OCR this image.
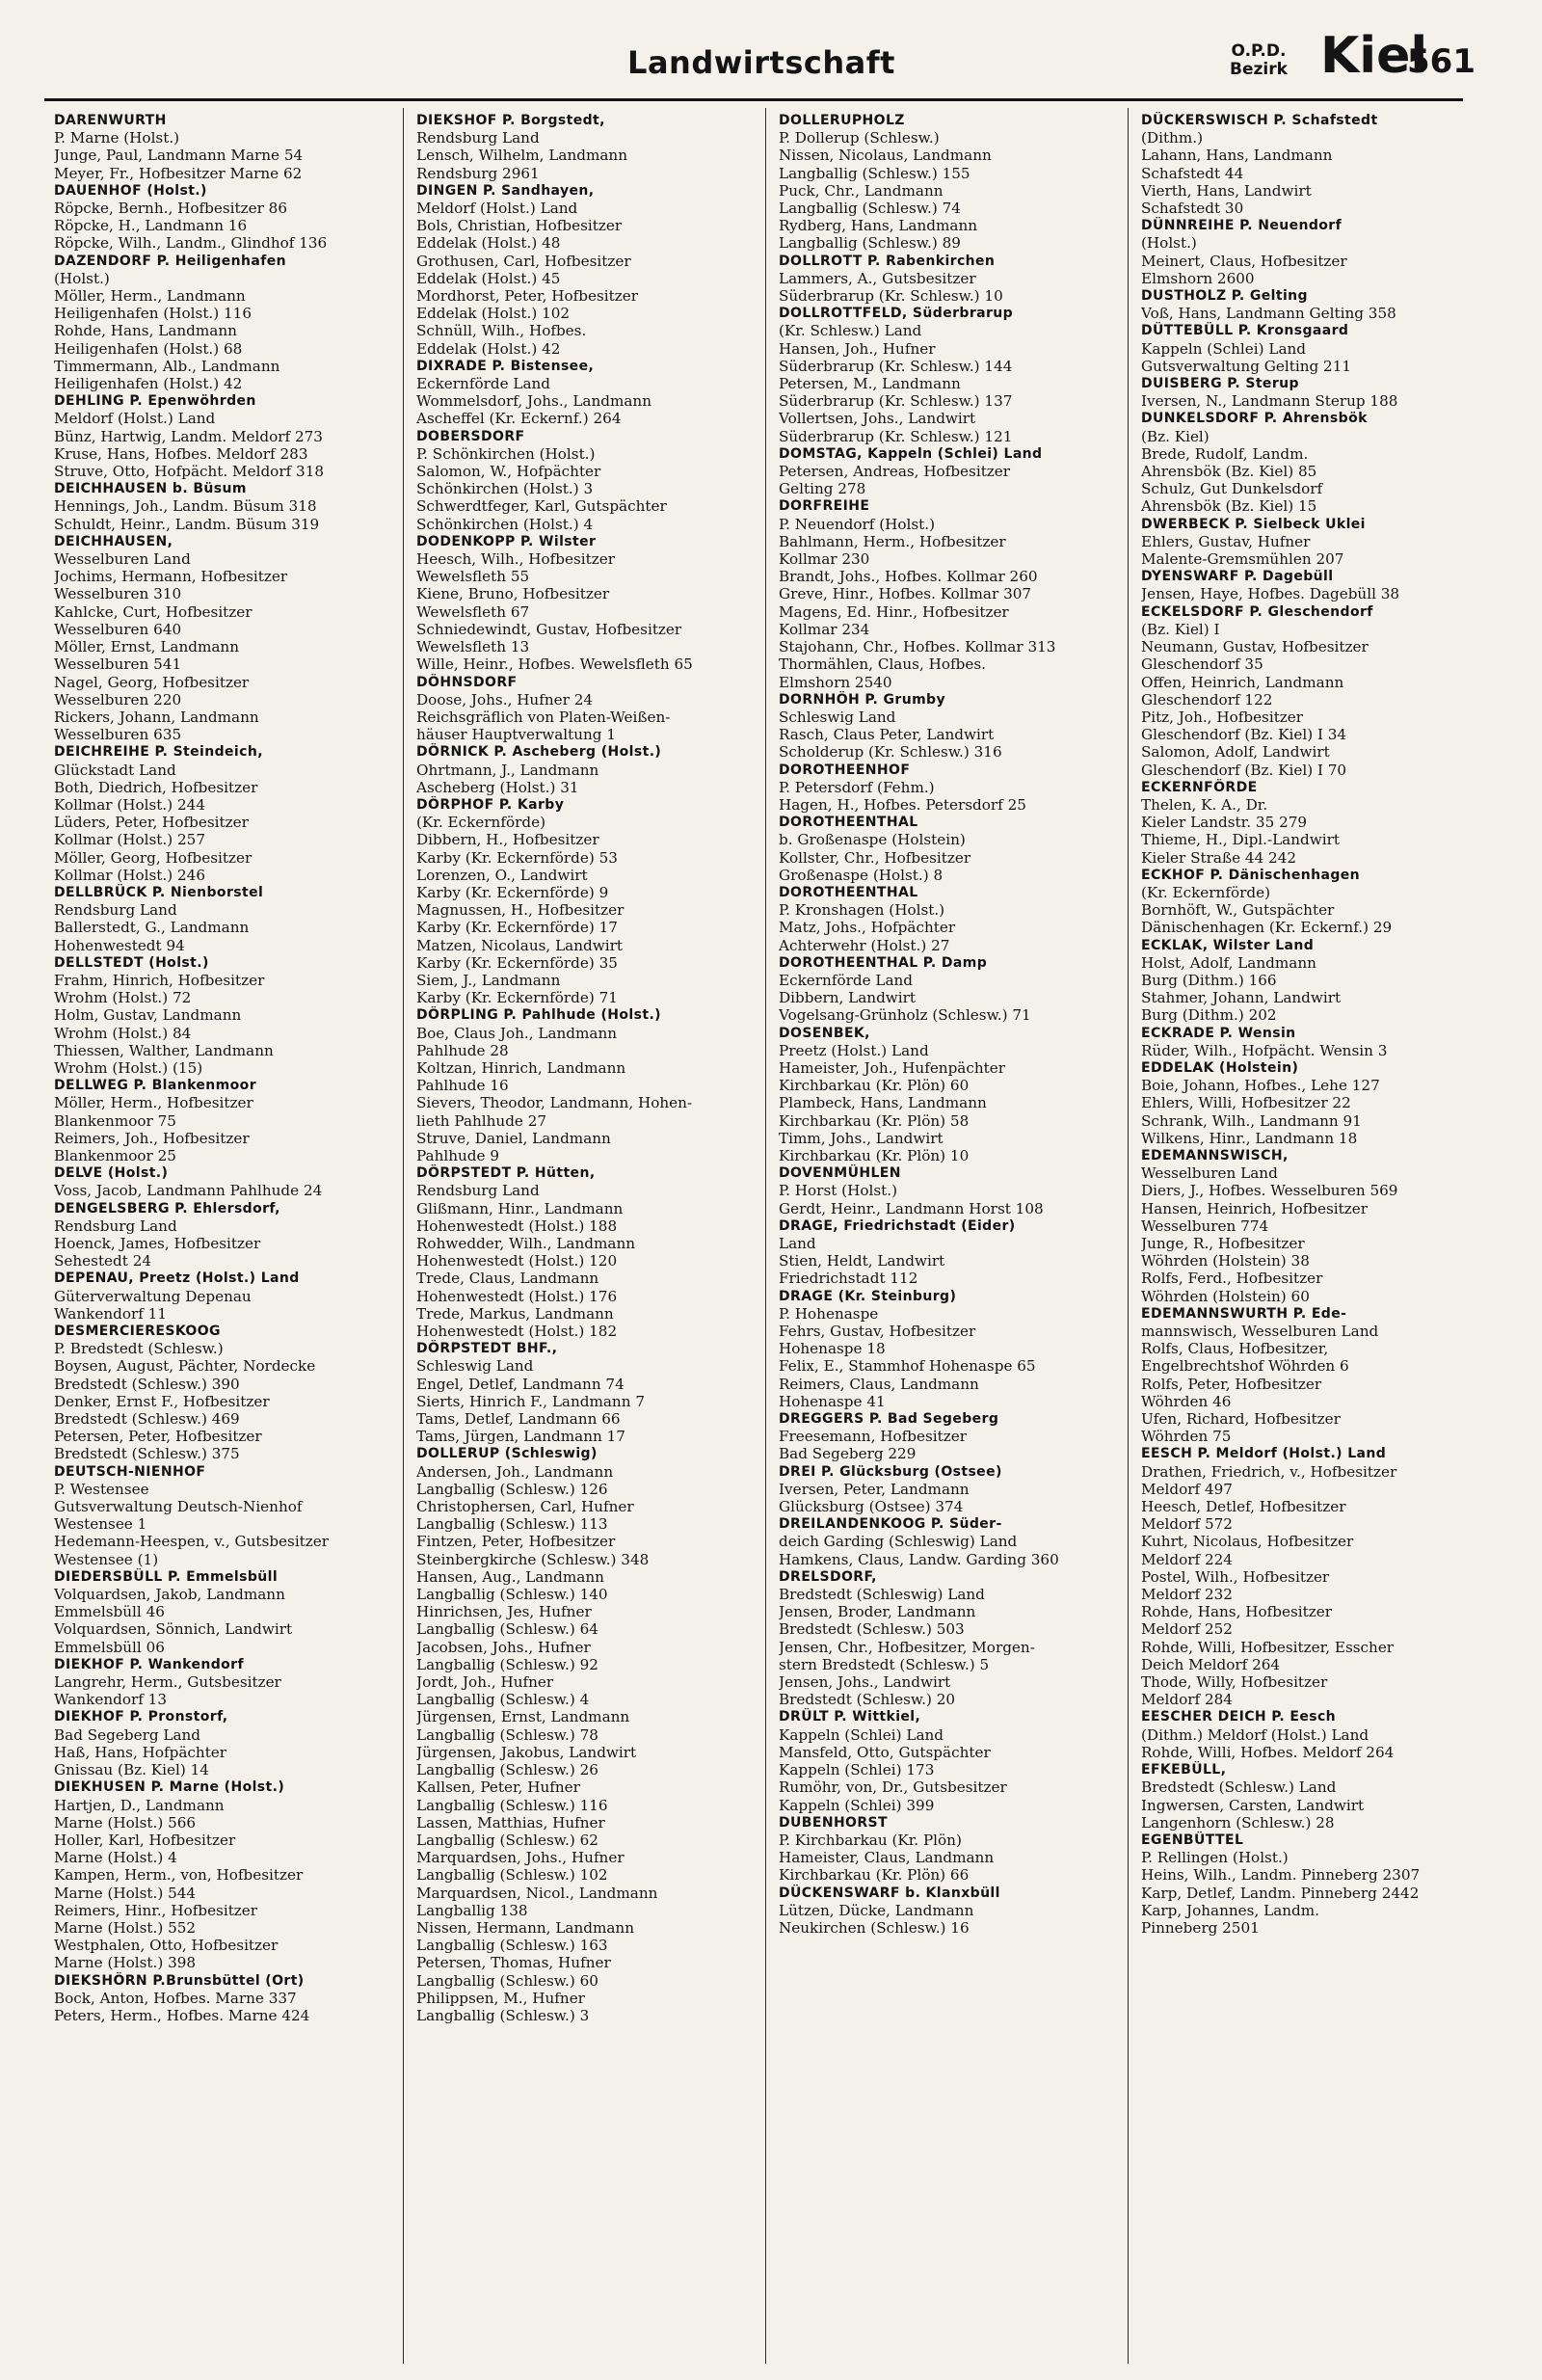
Landwirtschaft	O.P.D.
Bezirk Kiel
561
DARENWURTH
P. Marne (Holst.)
Junge, Paul, Landmann Marne 54
Meyer, Fr., Hofbesitzer Marne 62
DAUENHOF (Holst.)
Röpcke, Bernh., Hofbesitzer 86
Röpcke, H., Landmann 16
Röpcke, Wilh., Landm., Glindhof 136
DAZENDORF P. Heiligenhafen
(Holst.)
Möller, Herm., Landmann
Heiligenhafen (Holst.) 116
Rohde, Hans, Landmann
Heiligenhafen (Holst.) 68
Timmermann, Alb., Landmann
Heiligenhafen (Holst.) 42
DEHLING P. Epenwöhrden
Meldorf (Holst.) Land
Bünz, Hartwig, Landm. Meldorf 273
Kruse, Hans, Hofbes. Meldorf 283
Struve, Otto, Hofpächt. Meldorf 318
DEICHHAUSEN b. Büsum
Hennings, Joh., Landm. Büsum 318
Schuldt, Heinr., Landm. Büsum 319
DEICHHAUSEN,
Wesselburen Land
Jochims, Hermann, Hofbesitzer
Wesselburen 310
Kahlcke, Curt, Hofbesitzer
Wesselburen 640
Möller, Ernst, Landmann
Wesselburen 541
Nagel, Georg, Hofbesitzer
Wesselburen 220
Rickers, Johann, Landmann
Wesselburen 635
DEICHREIHE P. Steindeich,
Glückstadt Land
Both, Diedrich, Hofbesitzer
Kollmar (Holst.) 244
Lüders, Peter, Hofbesitzer
Kollmar (Holst.) 257
Möller, Georg, Hofbesitzer
Kollmar (Holst.) 246
DELLBRÜCK P. Nienborstel
Rendsburg Land
Ballerstedt, G., Landmann
Hohenwestedt 94
DELLSTEDT (Holst.)
Frahm, Hinrich, Hofbesitzer
Wrohm (Holst.) 72
Holm, Gustav, Landmann
Wrohm (Holst.) 84
Thiessen, Walther, Landmann
Wrohm (Holst.) (15)
DELLWEG P. Blankenmoor
Möller, Herm., Hofbesitzer
Blankenmoor 75
Reimers, Joh., Hofbesitzer
Blankenmoor 25
DELVE (Holst.)
Voss, Jacob, Landmann Pahlhude 24
DENGELSBERG P. Ehlersdorf,
Rendsburg Land
Hoenck, James, Hofbesitzer
Sehestedt 24
DEPENAU, Preetz (Holst.) Land
Güterverwaltung Depenau
Wankendorf 11
DESMERCIERESKOOG
P. Bredstedt (Schlesw.)
Boysen, August, Pächter, Nordecke
Bredstedt (Schlesw.) 390
Denker, Ernst F., Hofbesitzer
Bredstedt (Schlesw.) 469
Petersen, Peter, Hofbesitzer
Bredstedt (Schlesw.) 375
DEUTSCH-NIENHOF
P. Westensee
Gutsverwaltung Deutsch-Nienhof
Westensee 1
Hedemann-Heespen, v., Gutsbesitzer
Westensee (1)
DIEDERSBÜLL P. Emmelsbüll
Volquardsen, Jakob, Landmann
Emmelsbüll 46
Volquardsen, Sönnich, Landwirt
Emmelsbüll 06
DIEKHOF P. Wankendorf
Langrehr, Herm., Gutsbesitzer
Wankendorf 13
DIEKHOF P. Pronstorf,
Bad Segeberg Land
Haß, Hans, Hofpächter
Gnissau (Bz. Kiel) 14
DIEKHUSEN P. Marne (Holst.)
Hartjen, D., Landmann
Marne (Holst.) 566
Holler, Karl, Hofbesitzer
Marne (Holst.) 4
Kampen, Herm., von, Hofbesitzer
Marne (Holst.) 544
Reimers, Hinr., Hofbesitzer
Marne (Holst.) 552
Westphalen, Otto, Hofbesitzer
Marne (Holst.) 398
DIEKSHÖRN P.Brunsbüttel (Ort)
Bock, Anton, Hofbes. Marne 337
Peters, Herm., Hofbes. Marne 424
DIEKSHOF P. Borgstedt,
Rendsburg Land
Lensch, Wilhelm, Landmann
Rendsburg 2961
DINGEN P. Sandhayen,
Meldorf (Holst.) Land
Bols, Christian, Hofbesitzer
Eddelak (Holst.) 48
Grothusen, Carl, Hofbesitzer
Eddelak (Holst.) 45
Mordhorst, Peter, Hofbesitzer
Eddelak (Holst.) 102
Schnüll, Wilh., Hofbes.
Eddelak (Holst.) 42
DIXRADE P. Bistensee,
Eckernförde Land
Wommelsdorf, Johs., Landmann
Ascheffel (Kr. Eckernf.) 264
DOBERSDORF
P. Schönkirchen (Holst.)
Salomon, W., Hofpächter
Schönkirchen (Holst.) 3
Schwerdtfeger, Karl, Gutspächter
Schönkirchen (Holst.) 4
DODENKOPP P. Wilster
Heesch, Wilh., Hofbesitzer
Wewelsfleth 55
Kiene, Bruno, Hofbesitzer
Wewelsfleth 67
Schniedewindt, Gustav, Hofbesitzer
Wewelsfleth 13
Wille, Heinr., Hofbes. Wewelsfleth 65
DÖHNSDORF
Doose, Johs., Hufner 24
Reichsgräflich von Platen-Weißen-
häuser Hauptverwaltung 1
DÖRNICK P. Ascheberg (Holst.)
Ohrtmann, J., Landmann
Ascheberg (Holst.) 31
DÖRPHOF P. Karby
(Kr. Eckernförde)
Dibbern, H., Hofbesitzer
Karby (Kr. Eckernförde) 53
Lorenzen, O., Landwirt
Karby (Kr. Eckernförde) 9
Magnussen, H., Hofbesitzer
Karby (Kr. Eckernförde) 17
Matzen, Nicolaus, Landwirt
Karby (Kr. Eckernförde) 35
Siem, J., Landmann
Karby (Kr. Eckernförde) 71
DÖRPLING P. Pahlhude (Holst.)
Boe, Claus Joh., Landmann
Pahlhude 28
Koltzan, Hinrich, Landmann
Pahlhude 16
Sievers, Theodor, Landmann, Hohen-
lieth Pahlhude 27
Struve, Daniel, Landmann
Pahlhude 9
DÖRPSTEDT P. Hütten,
Rendsburg Land
Glißmann, Hinr., Landmann
Hohenwestedt (Holst.) 188
Rohwedder, Wilh., Landmann
Hohenwestedt (Holst.) 120
Trede, Claus, Landmann
Hohenwestedt (Holst.) 176
Trede, Markus, Landmann
Hohenwestedt (Holst.) 182
DÖRPSTEDT BHF.,
Schleswig Land
Engel, Detlef, Landmann 74
Sierts, Hinrich F., Landmann 7
Tams, Detlef, Landmann 66
Tams, Jürgen, Landmann 17
DOLLERUP (Schleswig)
Andersen, Joh., Landmann
Langballig (Schlesw.) 126
Christophersen, Carl, Hufner
Langballig (Schlesw.) 113
Fintzen, Peter, Hofbesitzer
Steinbergkirche (Schlesw.) 348
Hansen, Aug., Landmann
Langballig (Schlesw.) 140
Hinrichsen, Jes, Hufner
Langballig (Schlesw.) 64
Jacobsen, Johs., Hufner
Langballig (Schlesw.) 92
Jordt, Joh., Hufner
Langballig (Schlesw.) 4
Jürgensen, Ernst, Landmann
Langballig (Schlesw.) 78
Jürgensen, Jakobus, Landwirt
Langballig (Schlesw.) 26
Kallsen, Peter, Hufner
Langballig (Schlesw.) 116
Lassen, Matthias, Hufner
Langballig (Schlesw.) 62
Marquardsen, Johs., Hufner
Langballig (Schlesw.) 102
Marquardsen, Nicol., Landmann
Langballig 138
Nissen, Hermann, Landmann
Langballig (Schlesw.) 163
Petersen, Thomas, Hufner
Langballig (Schlesw.) 60
Philippsen, M., Hufner
Langballig (Schlesw.) 3
DOLLERUPHOLZ
P. Dollerup (Schlesw.)
Nissen, Nicolaus, Landmann
Langballig (Schlesw.) 155
Puck, Chr., Landmann
Langballig (Schlesw.) 74
Rydberg, Hans, Landmann
Langballig (Schlesw.) 89
DOLLROTT P. Rabenkirchen
Lammers, A., Gutsbesitzer
Süderbrarup (Kr. Schlesw.) 10
DOLLROTTFELD, Süderbrarup
(Kr. Schlesw.) Land
Hansen, Joh., Hufner
Süderbrarup (Kr. Schlesw.) 144
Petersen, M., Landmann
Süderbrarup (Kr. Schlesw.) 137
Vollertsen, Johs., Landwirt
Süderbrarup (Kr. Schlesw.) 121
DOMSTAG, Kappeln (Schlei) Land
Petersen, Andreas, Hofbesitzer
Gelting 278
DORFREIHE
P. Neuendorf (Holst.)
Bahlmann, Herm., Hofbesitzer
Kollmar 230
Brandt, Johs., Hofbes. Kollmar 260
Greve, Hinr., Hofbes. Kollmar 307
Magens, Ed. Hinr., Hofbesitzer
Kollmar 234
Stajohann, Chr., Hofbes. Kollmar 313
Thormählen, Claus, Hofbes.
Elmshorn 2540
DORNHÖH P. Grumby
Schleswig Land
Rasch, Claus Peter, Landwirt
Scholderup (Kr. Schlesw.) 316
DOROTHEENHOF
P. Petersdorf (Fehm.)
Hagen, H., Hofbes. Petersdorf 25
DOROTHEENTHAL
b. Großenaspe (Holstein)
Kollster, Chr., Hofbesitzer
Großenaspe (Holst.) 8
DOROTHEENTHAL
P. Kronshagen (Holst.)
Matz, Johs., Hofpächter
Achterwehr (Holst.) 27
DOROTHEENTHAL P. Damp
Eckernförde Land
Dibbern, Landwirt
Vogelsang-Grünholz (Schlesw.) 71
DOSENBEK,
Preetz (Holst.) Land
Hameister, Joh., Hufenpächter
Kirchbarkau (Kr. Plön) 60
Plambeck, Hans, Landmann
Kirchbarkau (Kr. Plön) 58
Timm, Johs., Landwirt
Kirchbarkau (Kr. Plön) 10
DOVENMÜHLEN
P. Horst (Holst.)
Gerdt, Heinr., Landmann Horst 108
DRAGE, Friedrichstadt (Eider)
Land
Stien, Heldt, Landwirt
Friedrichstadt 112
DRAGE (Kr. Steinburg)
P. Hohenaspe
Fehrs, Gustav, Hofbesitzer
Hohenaspe 18
Felix, E., Stammhof Hohenaspe 65
Reimers, Claus, Landmann
Hohenaspe 41
DREGGERS P. Bad Segeberg
Freesemann, Hofbesitzer
Bad Segeberg 229
DREI P. Glücksburg (Ostsee)
Iversen, Peter, Landmann
Glücksburg (Ostsee) 374
DREILANDENKOOG P. Süder-
deich Garding (Schleswig) Land
Hamkens, Claus, Landw. Garding 360
DRELSDORF,
Bredstedt (Schleswig) Land
Jensen, Broder, Landmann
Bredstedt (Schlesw.) 503
Jensen, Chr., Hofbesitzer, Morgen-
stern Bredstedt (Schlesw.) 5
Jensen, Johs., Landwirt
Bredstedt (Schlesw.) 20
DRÜLT P. Wittkiel,
Kappeln (Schlei) Land
Mansfeld, Otto, Gutspächter
Kappeln (Schlei) 173
Rumöhr, von, Dr., Gutsbesitzer
Kappeln (Schlei) 399
DUBENHORST
P. Kirchbarkau (Kr. Plön)
Hameister, Claus, Landmann
Kirchbarkau (Kr. Plön) 66
DÜCKENSWARF b. Klanxbüll
Lützen, Dücke, Landmann
Neukirchen (Schlesw.) 16
DÜCKERSWISCH P. Schafstedt
(Dithm.)
Lahann, Hans, Landmann
Schafstedt 44
Vierth, Hans, Landwirt
Schafstedt 30
DÜNNREIHE P. Neuendorf
(Holst.)
Meinert, Claus, Hofbesitzer
Elmshorn 2600
DUSTHOLZ P. Gelting
Voß, Hans, Landmann Gelting 358
DÜTTEBÜLL P. Kronsgaard
Kappeln (Schlei) Land
Gutsverwaltung Gelting 211
DUISBERG P. Sterup
Iversen, N., Landmann Sterup 188
DUNKELSDORF P. Ahrensbök
(Bz. Kiel)
Brede, Rudolf, Landm.
Ahrensbök (Bz. Kiel) 85
Schulz, Gut Dunkelsdorf
Ahrensbök (Bz. Kiel) 15
DWERBECK P. Sielbeck Uklei
Ehlers, Gustav, Hufner
Malente-Gremsmühlen 207
DYENSWARF P. Dagebüll
Jensen, Haye, Hofbes. Dagebüll 38
ECKELSDORF P. Gleschendorf
(Bz. Kiel) I
Neumann, Gustav, Hofbesitzer
Gleschendorf 35
Offen, Heinrich, Landmann
Gleschendorf 122
Pitz, Joh., Hofbesitzer
Gleschendorf (Bz. Kiel) I 34
Salomon, Adolf, Landwirt
Gleschendorf (Bz. Kiel) I 70
ECKERNFÖRDE
Thelen, K. A., Dr.
Kieler Landstr. 35 279
Thieme, H., Dipl.-Landwirt
Kieler Straße 44 242
ECKHOF P. Dänischenhagen
(Kr. Eckernförde)
Bornhöft, W., Gutspächter
Dänischenhagen (Kr. Eckernf.) 29
ECKLAK, Wilster Land
Holst, Adolf, Landmann
Burg (Dithm.) 166
Stahmer, Johann, Landwirt
Burg (Dithm.) 202
ECKRADE P. Wensin
Rüder, Wilh., Hofpächt. Wensin 3
EDDELAK (Holstein)
Boie, Johann, Hofbes., Lehe 127
Ehlers, Willi, Hofbesitzer 22
Schrank, Wilh., Landmann 91
Wilkens, Hinr., Landmann 18
EDEMANNSWISCH,
Wesselburen Land
Diers, J., Hofbes. Wesselburen 569
Hansen, Heinrich, Hofbesitzer
Wesselburen 774
Junge, R., Hofbesitzer
Wöhrden (Holstein) 38
Rolfs, Ferd., Hofbesitzer
Wöhrden (Holstein) 60
EDEMANNSWURTH P. Ede-
mannswisch, Wesselburen Land
Rolfs, Claus, Hofbesitzer,
Engelbrechtshof Wöhrden 6
Rolfs, Peter, Hofbesitzer
Wöhrden 46
Ufen, Richard, Hofbesitzer
Wöhrden 75
EESCH P. Meldorf (Holst.) Land
Drathen, Friedrich, v., Hofbesitzer
Meldorf 497
Heesch, Detlef, Hofbesitzer
Meldorf 572
Kuhrt, Nicolaus, Hofbesitzer
Meldorf 224
Postel, Wilh., Hofbesitzer
Meldorf 232
Rohde, Hans, Hofbesitzer
Meldorf 252
Rohde, Willi, Hofbesitzer, Esscher
Deich Meldorf 264
Thode, Willy, Hofbesitzer
Meldorf 284
EESCHER DEICH P. Eesch
(Dithm.) Meldorf (Holst.) Land
Rohde, Willi, Hofbes. Meldorf 264
EFKEBÜLL,
Bredstedt (Schlesw.) Land
Ingwersen, Carsten, Landwirt
Langenhorn (Schlesw.) 28
EGENBÜTTEL
P. Rellingen (Holst.)
Heins, Wilh., Landm. Pinneberg 2307
Karp, Detlef, Landm. Pinneberg 2442
Karp, Johannes, Landm.
Pinneberg 2501
